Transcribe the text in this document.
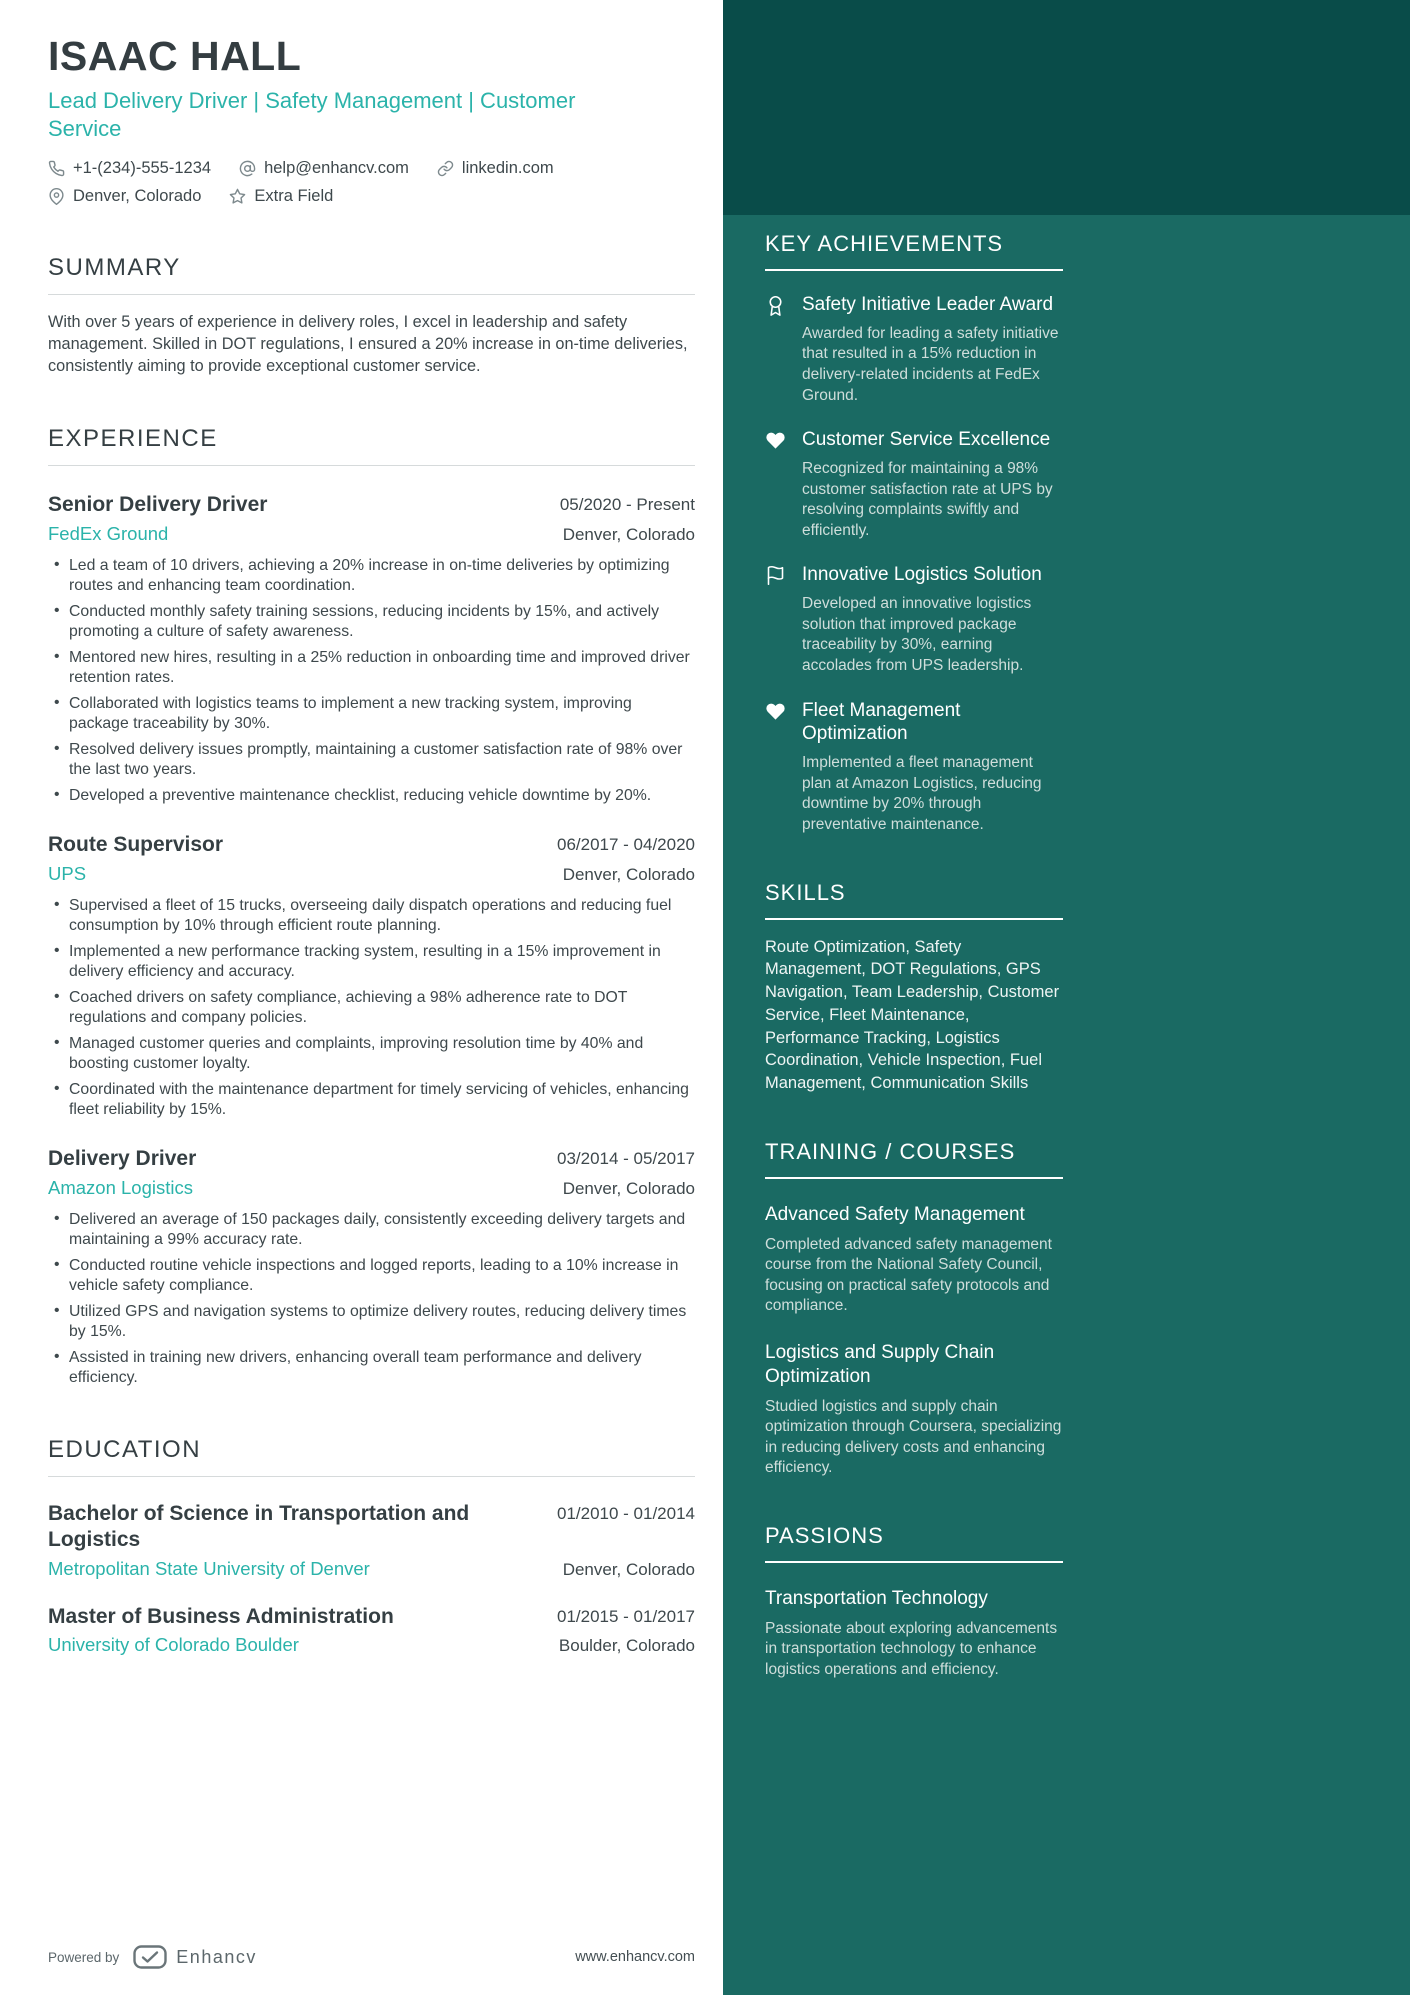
ISAAC HALL
Lead Delivery Driver | Safety Management | Customer Service
+1-(234)-555-1234	help@enhancv.com	linkedin.com
Denver, Colorado	Extra Field
SUMMARY

With over 5 years of experience in delivery roles, I excel in leadership and safety management. Skilled in DOT regulations, I ensured a 20% increase in on-time deliveries, consistently aiming to provide exceptional customer service.

EXPERIENCE
Senior Delivery Driver	05/2020 - Present
FedEx Ground	Denver, Colorado
• Led a team of 10 drivers, achieving a 20% increase in on-time deliveries by optimizing routes and enhancing team coordination.
• Conducted monthly safety training sessions, reducing incidents by 15%, and actively promoting a culture of safety awareness.
• Mentored new hires, resulting in a 25% reduction in onboarding time and improved driver retention rates.
• Collaborated with logistics teams to implement a new tracking system, improving package traceability by 30%.
• Resolved delivery issues promptly, maintaining a customer satisfaction rate of 98% over the last two years.
• Developed a preventive maintenance checklist, reducing vehicle downtime by 20%.
Route Supervisor	06/2017 - 04/2020
UPS	Denver, Colorado
• Supervised a fleet of 15 trucks, overseeing daily dispatch operations and reducing fuel consumption by 10% through efficient route planning.
• Implemented a new performance tracking system, resulting in a 15% improvement in delivery efficiency and accuracy.
• Coached drivers on safety compliance, achieving a 98% adherence rate to DOT regulations and company policies.
• Managed customer queries and complaints, improving resolution time by 40% and boosting customer loyalty.
• Coordinated with the maintenance department for timely servicing of vehicles, enhancing fleet reliability by 15%.
Delivery Driver	03/2014 - 05/2017
Amazon Logistics	Denver, Colorado
• Delivered an average of 150 packages daily, consistently exceeding delivery targets and maintaining a 99% accuracy rate.
• Conducted routine vehicle inspections and logged reports, leading to a 10% increase in vehicle safety compliance.
• Utilized GPS and navigation systems to optimize delivery routes, reducing delivery times by 15%.
• Assisted in training new drivers, enhancing overall team performance and delivery efficiency.
EDUCATION
Bachelor of Science in Transportation and Logistics
01/2010 - 01/2014
Metropolitan State University of Denver	Denver, Colorado
Master of Business Administration	01/2015 - 01/2017
University of Colorado Boulder	Boulder, Colorado
Powered by	Enhancv	www.enhancv.com
KEY ACHIEVEMENTS
Safety Initiative Leader Award
Awarded for leading a safety initiative that resulted in a 15% reduction in delivery-related incidents at FedEx Ground.
Customer Service Excellence
Recognized for maintaining a 98% customer satisfaction rate at UPS by resolving complaints swiftly and efficiently.
Innovative Logistics Solution
Developed an innovative logistics solution that improved package traceability by 30%, earning accolades from UPS leadership.
Fleet Management Optimization
Implemented a fleet management plan at Amazon Logistics, reducing downtime by 20% through preventative maintenance.
SKILLS
Route Optimization, Safety Management, DOT Regulations, GPS Navigation, Team Leadership, Customer Service, Fleet Maintenance, Performance Tracking, Logistics Coordination, Vehicle Inspection, Fuel Management, Communication Skills
TRAINING / COURSES
Advanced Safety Management
Completed advanced safety management course from the National Safety Council, focusing on practical safety protocols and compliance.
Logistics and Supply Chain Optimization
Studied logistics and supply chain optimization through Coursera, specializing in reducing delivery costs and enhancing efficiency.
PASSIONS
Transportation Technology
Passionate about exploring advancements in transportation technology to enhance logistics operations and efficiency.
